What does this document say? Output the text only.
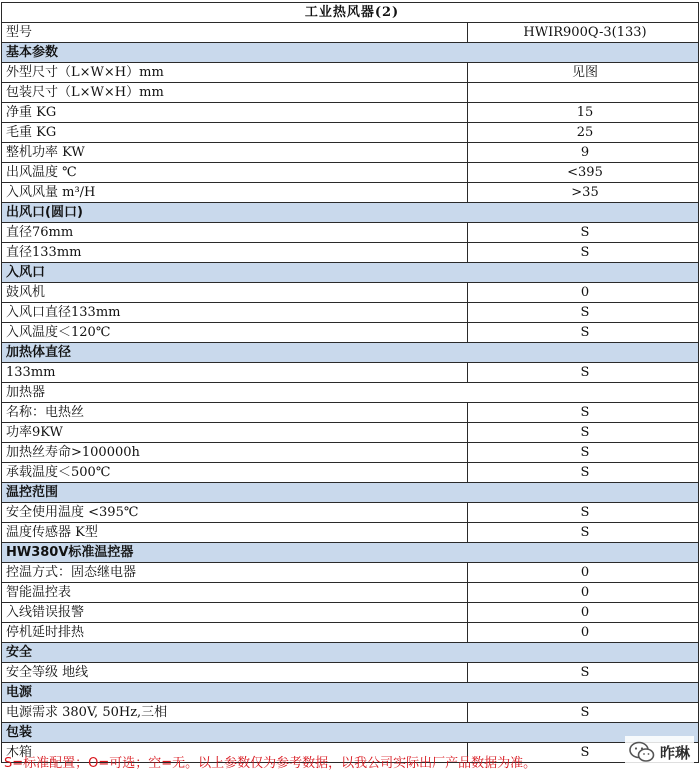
工业热风器(2)	
型号	HWIR900Q-3(133)
基本参数	
外型尺寸（L×W×H）mm	见图
包装尺寸（L×W×H）mm	
净重 KG	15
毛重 KG	25
整机功率 KW	9
出风温度 ℃	<395
入风风量 m³/H	>35
出风口(圆口)	
直径76mm	S
直径133mm	S
入风口	
鼓风机	0
入风口直径133mm	S
入风温度＜120℃	S
加热体直径	
133mm	S
加热器	
名称：电热丝	S
功率9KW	S
加热丝寿命>100000h	S
承载温度＜500℃	S
温控范围	
安全使用温度 <395℃	S
温度传感器 K型	S
HW380V标准温控器	
控温方式：固态继电器	0
智能温控表	0
入线错误报警	0
停机延时排热	0
安全	
安全等级 地线	S
电源	
电源需求 380V, 50Hz,三相	S
包装	
木箱	S
S=标准配置；O=可选；空=无。以上参数仅为参考数据，以我公司实际出厂产品数据为准。
昨琳
